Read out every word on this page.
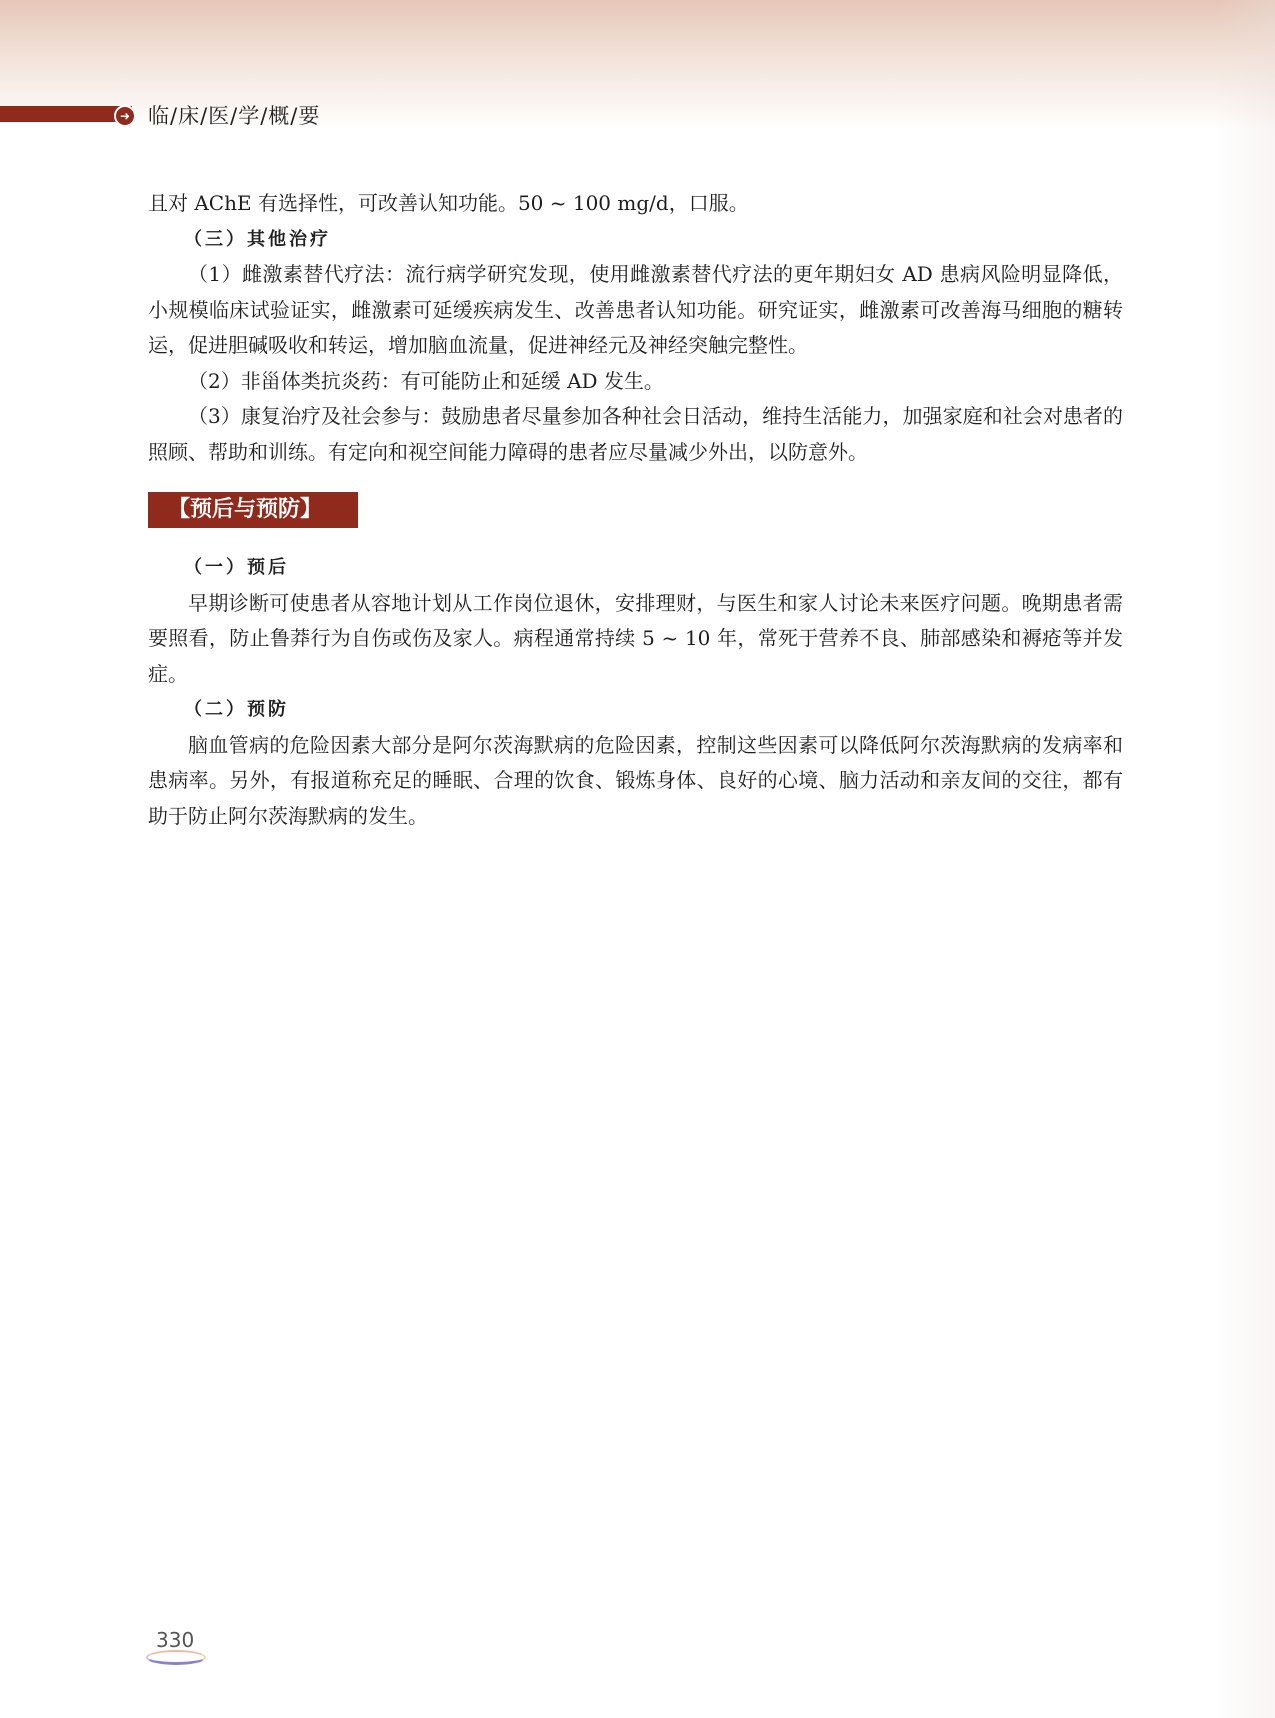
➜ 临/床/医/学/概/要

且对 AChE 有选择性，可改善认知功能。50 ~ 100 mg/d，口服。

（三）其他治疗

（1）雌激素替代疗法：流行病学研究发现，使用雌激素替代疗法的更年期妇女 AD 患病风险明显降低，小规模临床试验证实，雌激素可延缓疾病发生、改善患者认知功能。研究证实，雌激素可改善海马细胞的糖转运，促进胆碱吸收和转运，增加脑血流量，促进神经元及神经突触完整性。

（2）非甾体类抗炎药：有可能防止和延缓 AD 发生。

（3）康复治疗及社会参与：鼓励患者尽量参加各种社会日活动，维持生活能力，加强家庭和社会对患者的照顾、帮助和训练。有定向和视空间能力障碍的患者应尽量减少外出，以防意外。

【预后与预防】

（一）预后

早期诊断可使患者从容地计划从工作岗位退休，安排理财，与医生和家人讨论未来医疗问题。晚期患者需要照看，防止鲁莽行为自伤或伤及家人。病程通常持续 5 ~ 10 年，常死于营养不良、肺部感染和褥疮等并发症。

（二）预防

脑血管病的危险因素大部分是阿尔茨海默病的危险因素，控制这些因素可以降低阿尔茨海默病的发病率和患病率。另外，有报道称充足的睡眠、合理的饮食、锻炼身体、良好的心境、脑力活动和亲友间的交往，都有助于防止阿尔茨海默病的发生。

330
